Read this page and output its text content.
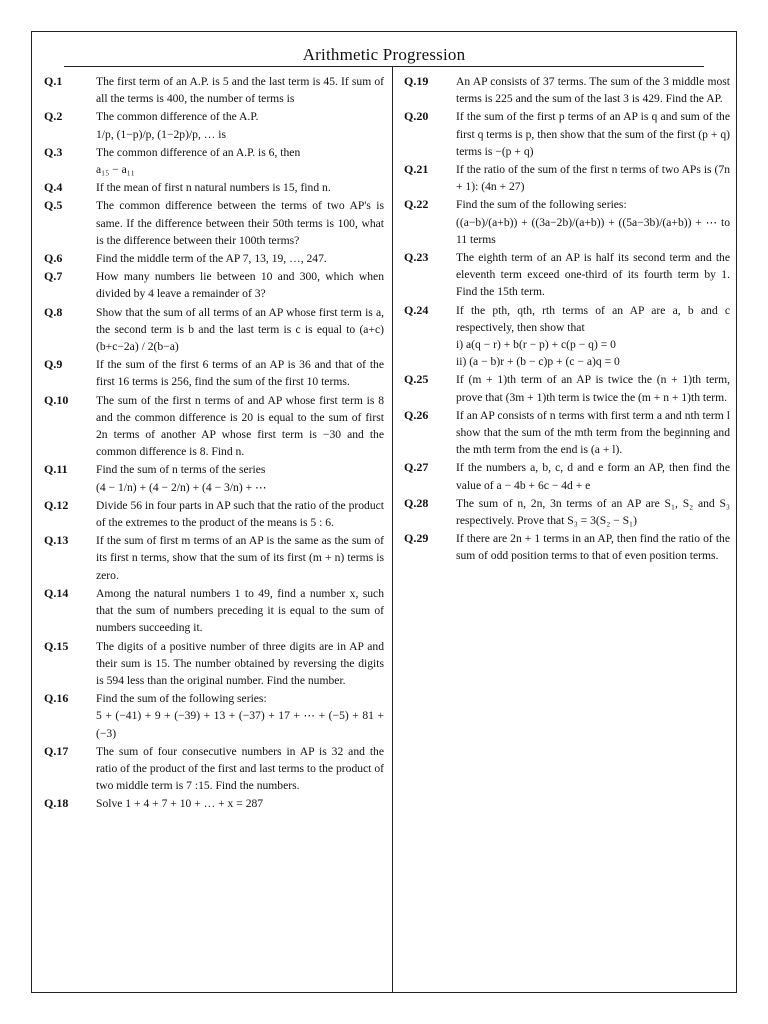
Arithmetic Progression
Q.1	The first term of an A.P. is 5 and the last term is 45. If sum of all the terms is 400, the number of terms is
Q.2	The common difference of the A.P.
1/p, (1−p)/p, (1−2p)/p, … is
Q.3	The common difference of an A.P. is 6, then
a₁₅ − a₁₁
Q.4	If the mean of first n natural numbers is 15, find n.
Q.5	The common difference between the terms of two AP's is same. If the difference between their 50th terms is 100, what is the difference between their 100th terms?
Q.6	Find the middle term of the AP 7, 13, 19, …, 247.
Q.7	How many numbers lie between 10 and 300, which when divided by 4 leave a remainder of 3?
Q.8	Show that the sum of all terms of an AP whose first term is a, the second term is b and the last term is c is equal to (a+c)(b+c−2a) / 2(b−a)
Q.9	If the sum of the first 6 terms of an AP is 36 and that of the first 16 terms is 256, find the sum of the first 10 terms.
Q.10 The sum of the first n terms of and AP whose first term is 8 and the common difference is 20 is equal to the sum of first 2n terms of another AP whose first term is −30 and the common difference is 8. Find n.
Q.11 Find the sum of n terms of the series
(4 − 1/n) + (4 − 2/n) + (4 − 3/n) + ⋯
Q.12 Divide 56 in four parts in AP such that the ratio of the product of the extremes to the product of the means is 5 : 6.
Q.13 If the sum of first m terms of an AP is the same as the sum of its first n terms, show that the sum of its first (m + n) terms is zero.
Q.14 Among the natural numbers 1 to 49, find a number x, such that the sum of numbers preceding it is equal to the sum of numbers succeeding it.
Q.15 The digits of a positive number of three digits are in AP and their sum is 15. The number obtained by reversing the digits is 594 less than the original number. Find the number.
Q.16 Find the sum of the following series:
5 + (−41) + 9 + (−39) + 13 + (−37) + 17 + ⋯ + (−5) + 81 + (−3)
Q.17 The sum of four consecutive numbers in AP is 32 and the ratio of the product of the first and last terms to the product of two middle term is 7 :15. Find the numbers.
Q.18 Solve 1 + 4 + 7 + 10 + … + x = 287
Q.19 An AP consists of 37 terms. The sum of the 3 middle most terms is 225 and the sum of the last 3 is 429. Find the AP.
Q.20 If the sum of the first p terms of an AP is q and sum of the first q terms is p, then show that the sum of the first (p + q) terms is −(p + q)
Q.21 If the ratio of the sum of the first n terms of two APs is (7n + 1): (4n + 27)
Q.22 Find the sum of the following series:
((a−b)/(a+b)) + ((3a−2b)/(a+b)) + ((5a−3b)/(a+b)) + ⋯ to 11 terms
Q.23 The eighth term of an AP is half its second term and the eleventh term exceed one-third of its fourth term by 1. Find the 15th term.
Q.24 If the pth, qth, rth terms of an AP are a, b and c respectively, then show that
i) a(q − r) + b(r − p) + c(p − q) = 0
ii) (a − b)r + (b − c)p + (c − a)q = 0
Q.25 If (m + 1)th term of an AP is twice the (n + 1)th term, prove that (3m + 1)th term is twice the (m + n + 1)th term.
Q.26 If an AP consists of n terms with first term a and nth term l show that the sum of the mth term from the beginning and the mth term from the end is (a + l).
Q.27 If the numbers a, b, c, d and e form an AP, then find the value of a − 4b + 6c − 4d + e
Q.28 The sum of n, 2n, 3n terms of an AP are S₁, S₂ and S₃ respectively. Prove that S₃ = 3(S₂ − S₁)
Q.29 If there are 2n + 1 terms in an AP, then find the ratio of the sum of odd position terms to that of even position terms.
